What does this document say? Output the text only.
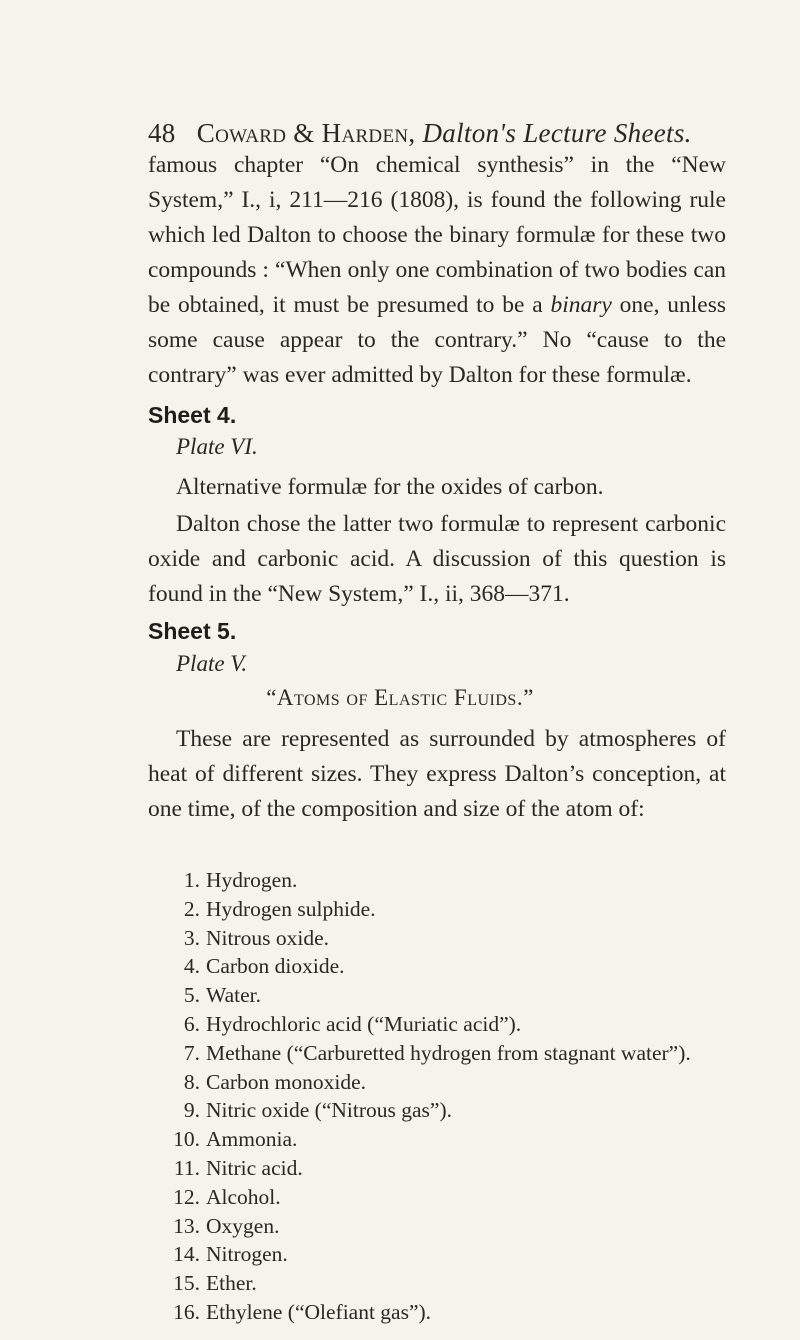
48 Coward & Harden, Dalton's Lecture Sheets.
famous chapter “On chemical synthesis” in the “New System,” I., i, 211—216 (1808), is found the following rule which led Dalton to choose the binary formulæ for these two compounds : “When only one combination of two bodies can be obtained, it must be presumed to be a binary one, unless some cause appear to the contrary.” No “cause to the contrary” was ever admitted by Dalton for these formulæ.
Sheet 4.
Plate VI.
Alternative formulæ for the oxides of carbon.
Dalton chose the latter two formulæ to represent carbonic oxide and carbonic acid. A discussion of this question is found in the “New System,” I., ii, 368—371.
Sheet 5.
Plate V.
“Atoms of Elastic Fluids.”
These are represented as surrounded by atmospheres of heat of different sizes. They express Dalton’s conception, at one time, of the composition and size of the atom of:
1. Hydrogen.
2. Hydrogen sulphide.
3. Nitrous oxide.
4. Carbon dioxide.
5. Water.
6. Hydrochloric acid (“Muriatic acid”).
7. Methane (“Carburetted hydrogen from stagnant water”).
8. Carbon monoxide.
9. Nitric oxide (“Nitrous gas”).
10. Ammonia.
11. Nitric acid.
12. Alcohol.
13. Oxygen.
14. Nitrogen.
15. Ether.
16. Ethylene (“Olefiant gas”).
